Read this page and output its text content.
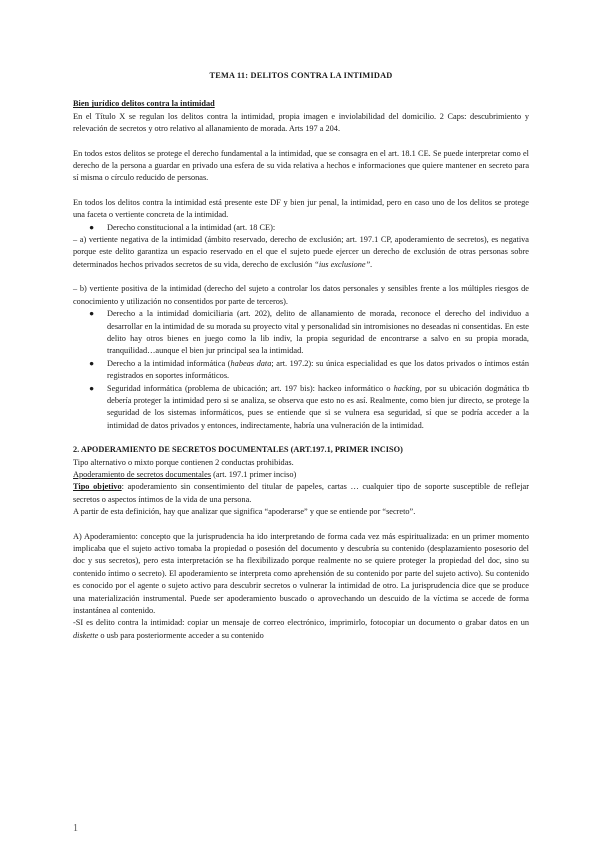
TEMA 11: DELITOS CONTRA LA INTIMIDAD

Bien jurídico delitos contra la intimidad

En el Título X se regulan los delitos contra la intimidad, propia imagen e inviolabilidad del domicilio. 2 Caps: descubrimiento y relevación de secretos y otro relativo al allanamiento de morada. Arts 197 a 204.

En todos estos delitos se protege el derecho fundamental a la intimidad, que se consagra en el art. 18.1 CE. Se puede interpretar como el derecho de la persona a guardar en privado una esfera de su vida relativa a hechos e informaciones que quiere mantener en secreto para sí misma o círculo reducido de personas.

En todos los delitos contra la intimidad está presente este DF y bien jur penal, la intimidad, pero en caso uno de los delitos se protege una faceta o vertiente concreta de la intimidad.

● Derecho constitucional a la intimidad (art. 18 CE):

– a) vertiente negativa de la intimidad (ámbito reservado, derecho de exclusión; art. 197.1 CP, apoderamiento de secretos), es negativa porque este delito garantiza un espacio reservado en el que el sujeto puede ejercer un derecho de exclusión de otras personas sobre determinados hechos privados secretos de su vida, derecho de exclusión “ius exclusione”.

– b) vertiente positiva de la intimidad (derecho del sujeto a controlar los datos personales y sensibles frente a los múltiples riesgos de conocimiento y utilización no consentidos por parte de terceros).

● Derecho a la intimidad domiciliaria (art. 202), delito de allanamiento de morada, reconoce el derecho del individuo a desarrollar en la intimidad de su morada su proyecto vital y personalidad sin intromisiones no deseadas ni consentidas. En este delito hay otros bienes en juego como la lib indiv, la propia seguridad de encontrarse a salvo en su propia morada, tranquilidad…aunque el bien jur principal sea la intimidad.

● Derecho a la intimidad informática (habeas data; art. 197.2): su única especialidad es que los datos privados o íntimos están registrados en soportes informáticos.

● Seguridad informática (problema de ubicación; art. 197 bis): hackeo informático o hacking, por su ubicación dogmática tb debería proteger la intimidad pero si se analiza, se observa que esto no es así. Realmente, como bien jur directo, se protege la seguridad de los sistemas informáticos, pues se entiende que si se vulnera esa seguridad, sí que se podría acceder a la intimidad de datos privados y entonces, indirectamente, habría una vulneración de la intimidad.

2. APODERAMIENTO DE SECRETOS DOCUMENTALES (ART.197.1, PRIMER INCISO)

Tipo alternativo o mixto porque contienen 2 conductas prohibidas.

Apoderamiento de secretos documentales (art. 197.1 primer inciso)

Tipo objetivo: apoderamiento sin consentimiento del titular de papeles, cartas … cualquier tipo de soporte susceptible de reflejar secretos o aspectos íntimos de la vida de una persona.

A partir de esta definición, hay que analizar que significa “apoderarse” y que se entiende por “secreto”.

A) Apoderamiento: concepto que la jurisprudencia ha ido interpretando de forma cada vez más espiritualizada: en un primer momento implicaba que el sujeto activo tomaba la propiedad o posesión del documento y descubría su contenido (desplazamiento posesorio del doc y sus secretos), pero esta interpretación se ha flexibilizado porque realmente no se quiere proteger la propiedad del doc, sino su contenido íntimo o secreto). El apoderamiento se interpreta como aprehensión de su contenido por parte del sujeto activo). Su contenido es conocido por el agente o sujeto activo para descubrir secretos o vulnerar la intimidad de otro. La jurisprudencia dice que se produce una materialización instrumental. Puede ser apoderamiento buscado o aprovechando un descuido de la víctima se accede de forma instantánea al contenido.

-SI es delito contra la intimidad: copiar un mensaje de correo electrónico, imprimirlo, fotocopiar un documento o grabar datos en un diskette o usb para posteriormente acceder a su contenido

1
